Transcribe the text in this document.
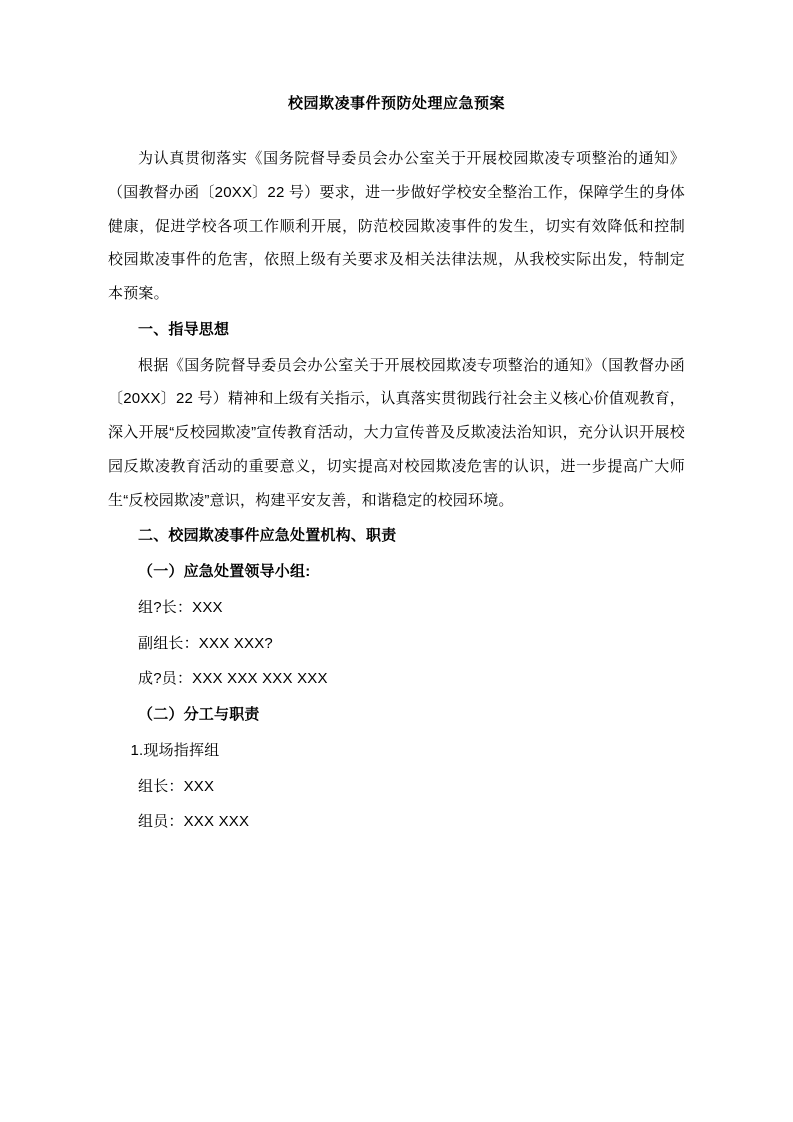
校园欺凌事件预防处理应急预案

为认真贯彻落实《国务院督导委员会办公室关于开展校园欺凌专项整治的通知》（国教督办函〔20XX〕22 号）要求，进一步做好学校安全整治工作，保障学生的身体健康，促进学校各项工作顺利开展，防范校园欺凌事件的发生，切实有效降低和控制校园欺凌事件的危害，依照上级有关要求及相关法律法规，从我校实际出发，特制定本预案。

一、指导思想

根据《国务院督导委员会办公室关于开展校园欺凌专项整治的通知》（国教督办函〔20XX〕22 号）精神和上级有关指示，认真落实贯彻践行社会主义核心价值观教育，深入开展“反校园欺凌”宣传教育活动，大力宣传普及反欺凌法治知识，充分认识开展校园反欺凌教育活动的重要意义，切实提高对校园欺凌危害的认识，进一步提高广大师生“反校园欺凌”意识，构建平安友善，和谐稳定的校园环境。

二、校园欺凌事件应急处置机构、职责

（一）应急处置领导小组:

组?长：XXX

副组长：XXX XXX?

成?员：XXX XXX XXX XXX

（二）分工与职责

1.现场指挥组

组长：XXX

组员：XXX XXX
